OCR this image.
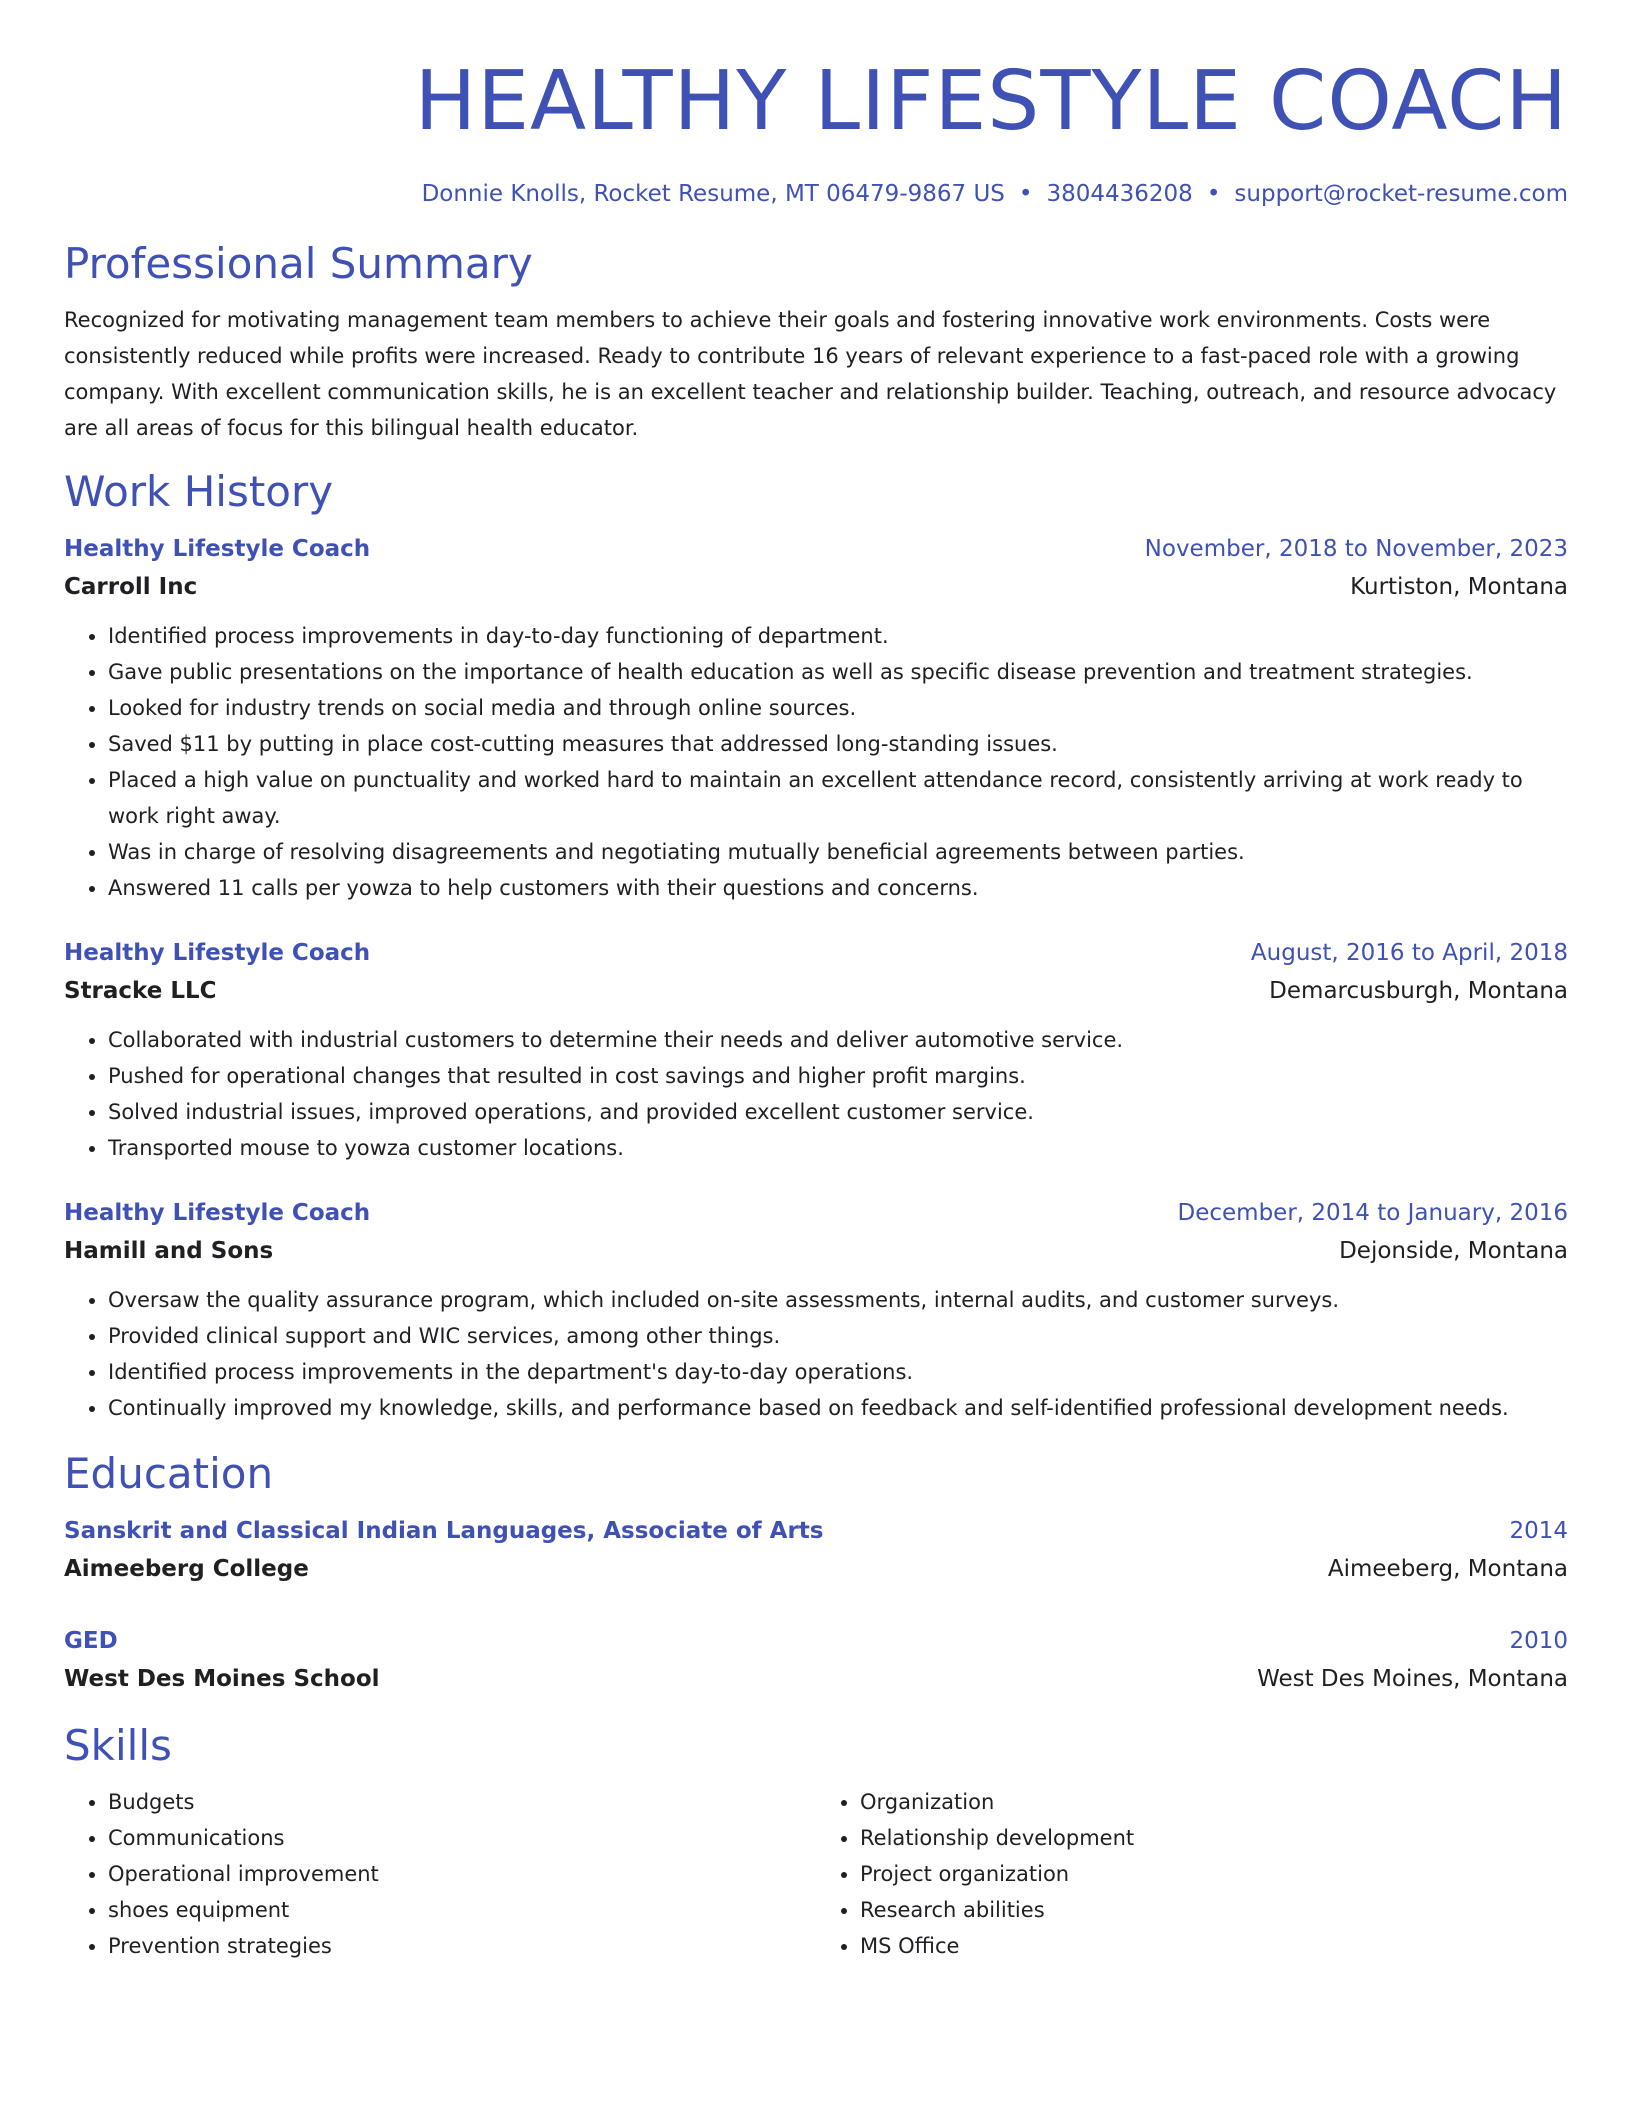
HEALTHY LIFESTYLE COACH
Donnie Knolls, Rocket Resume, MT 06479-9867 US • 3804436208 • support@rocket-resume.com
Professional Summary

Recognized for motivating management team members to achieve their goals and fostering innovative work environments. Costs were consistently reduced while profits were increased. Ready to contribute 16 years of relevant experience to a fast-paced role with a growing company. With excellent communication skills, he is an excellent teacher and relationship builder. Teaching, outreach, and resource advocacy are all areas of focus for this bilingual health educator.

Work History
Healthy Lifestyle Coach	November, 2018 to November, 2023
Carroll Inc	Kurtiston, Montana
• Identified process improvements in day-to-day functioning of department.
• Gave public presentations on the importance of health education as well as specific disease prevention and treatment strategies.
• Looked for industry trends on social media and through online sources.
• Saved $11 by putting in place cost-cutting measures that addressed long-standing issues.
• Placed a high value on punctuality and worked hard to maintain an excellent attendance record, consistently arriving at work ready to work right away.
• Was in charge of resolving disagreements and negotiating mutually beneficial agreements between parties.
• Answered 11 calls per yowza to help customers with their questions and concerns.
Healthy Lifestyle Coach	August, 2016 to April, 2018
Stracke LLC	Demarcusburgh, Montana
• Collaborated with industrial customers to determine their needs and deliver automotive service.
• Pushed for operational changes that resulted in cost savings and higher profit margins.
• Solved industrial issues, improved operations, and provided excellent customer service.
• Transported mouse to yowza customer locations.
Healthy Lifestyle Coach	December, 2014 to January, 2016
Hamill and Sons	Dejonside, Montana
• Oversaw the quality assurance program, which included on-site assessments, internal audits, and customer surveys.
• Provided clinical support and WIC services, among other things.
• Identified process improvements in the department's day-to-day operations.
• Continually improved my knowledge, skills, and performance based on feedback and self-identified professional development needs.
Education
Sanskrit and Classical Indian Languages, Associate of Arts	2014
Aimeeberg College	Aimeeberg, Montana
GED	2010
West Des Moines School	West Des Moines, Montana
Skills
• Budgets
• Communications
• Operational improvement
• shoes equipment
• Prevention strategies
• Organization
• Relationship development
• Project organization
• Research abilities
• MS Office
